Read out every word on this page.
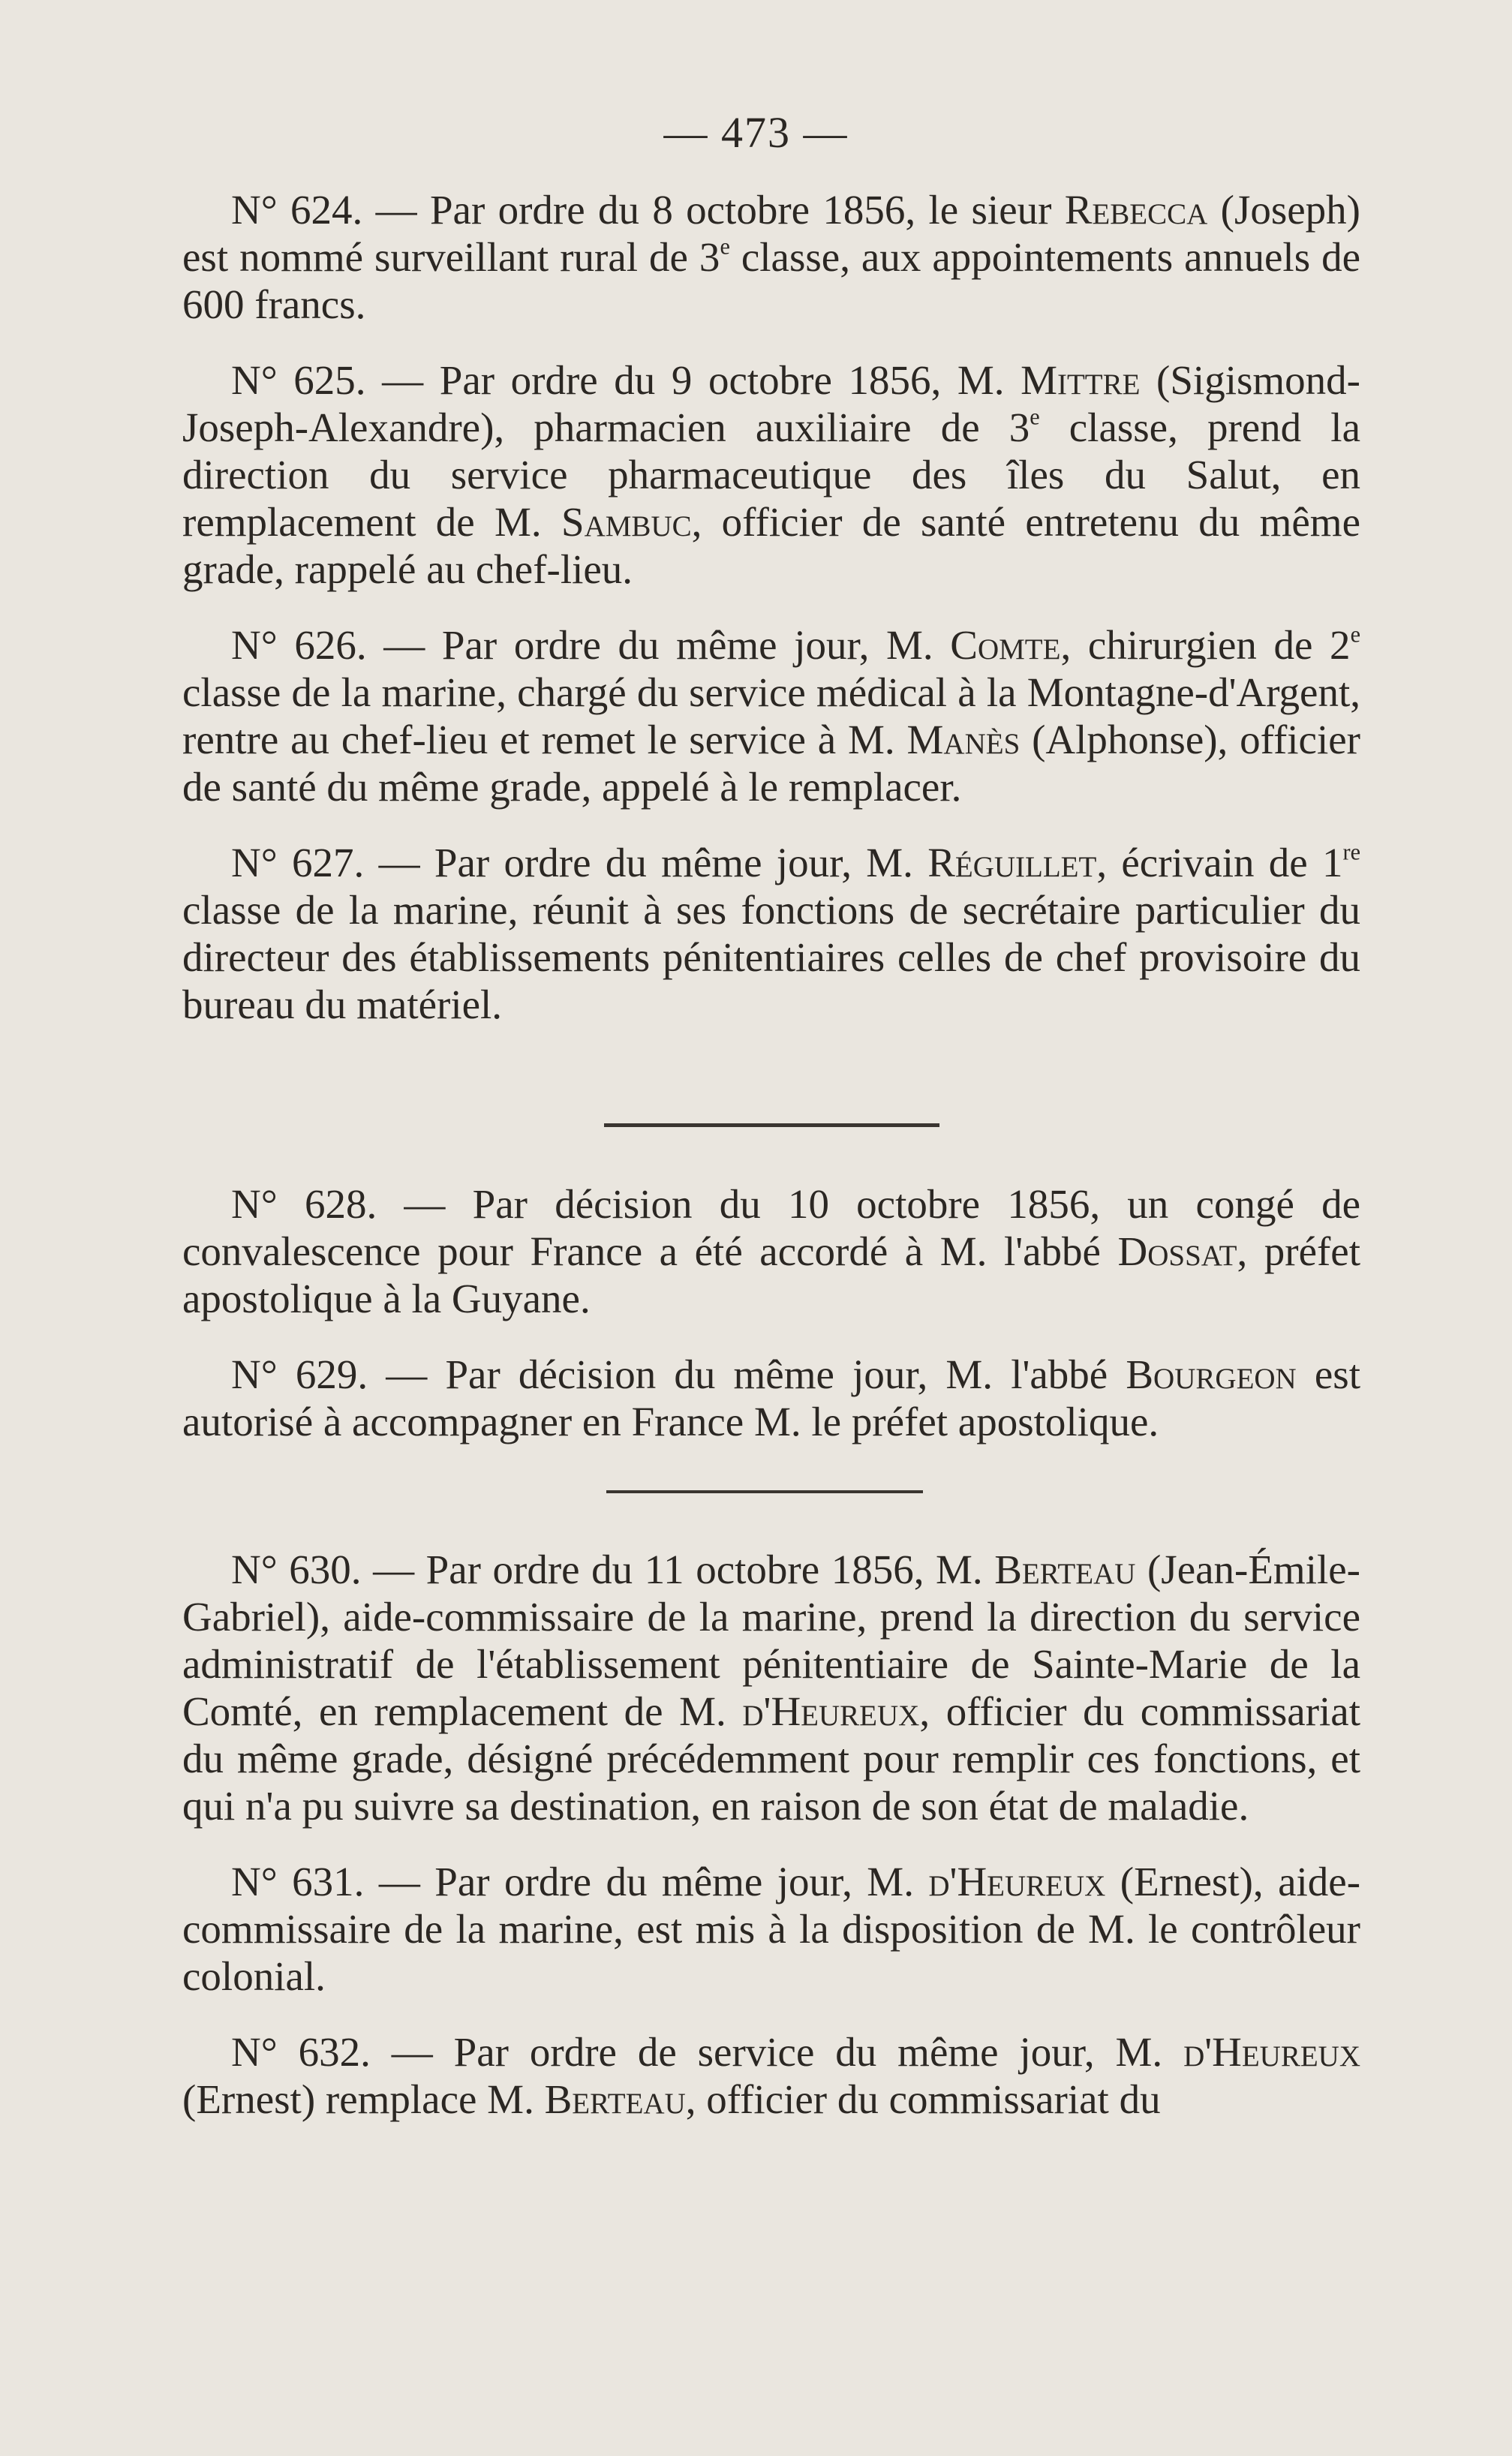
— 473 —

N° 624. — Par ordre du 8 octobre 1856, le sieur Rebecca (Joseph) est nommé surveillant rural de 3e classe, aux appointements annuels de 600 francs.

N° 625. — Par ordre du 9 octobre 1856, M. Mittre (Sigismond-Joseph-Alexandre), pharmacien auxiliaire de 3e classe, prend la direction du service pharmaceutique des îles du Salut, en remplacement de M. Sambuc, officier de santé entretenu du même grade, rappelé au chef-lieu.

N° 626. — Par ordre du même jour, M. Comte, chirurgien de 2e classe de la marine, chargé du service médical à la Montagne-d'Argent, rentre au chef-lieu et remet le service à M. Manès (Alphonse), officier de santé du même grade, appelé à le remplacer.

N° 627. — Par ordre du même jour, M. Réguillet, écrivain de 1re classe de la marine, réunit à ses fonctions de secrétaire particulier du directeur des établissements pénitentiaires celles de chef provisoire du bureau du matériel.

N° 628. — Par décision du 10 octobre 1856, un congé de convalescence pour France a été accordé à M. l'abbé Dossat, préfet apostolique à la Guyane.

N° 629. — Par décision du même jour, M. l'abbé Bourgeon est autorisé à accompagner en France M. le préfet apostolique.

N° 630. — Par ordre du 11 octobre 1856, M. Berteau (Jean-Émile-Gabriel), aide-commissaire de la marine, prend la direction du service administratif de l'établissement pénitentiaire de Sainte-Marie de la Comté, en remplacement de M. d'Heureux, officier du commissariat du même grade, désigné précédemment pour remplir ces fonctions, et qui n'a pu suivre sa destination, en raison de son état de maladie.

N° 631. — Par ordre du même jour, M. d'Heureux (Ernest), aide-commissaire de la marine, est mis à la disposition de M. le contrôleur colonial.

N° 632. — Par ordre de service du même jour, M. d'Heureux (Ernest) remplace M. Berteau, officier du commissariat du
